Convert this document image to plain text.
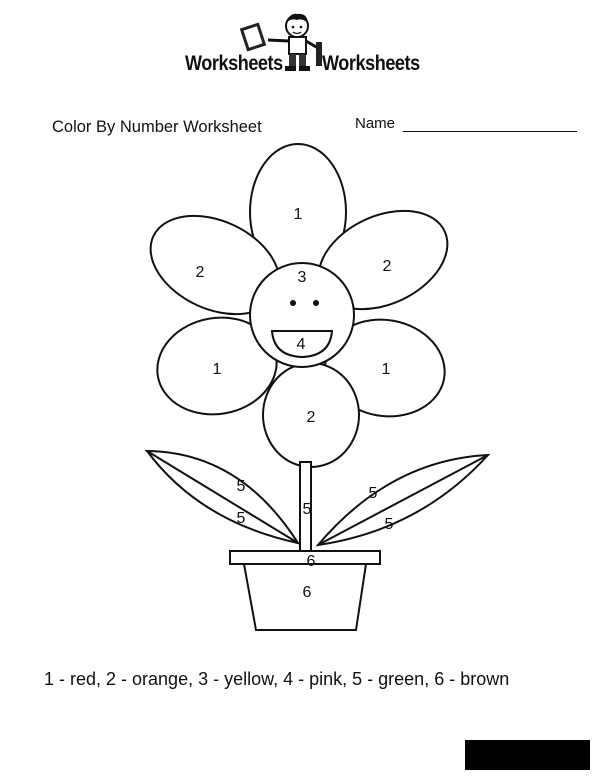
Worksheets Worksheets
Color By Number Worksheet	Name
1
2	2
3
4
1	1
2
5
5
5
5
5
6
6
1 - red, 2 - orange, 3 - yellow, 4 - pink, 5 - green, 6 - brown
